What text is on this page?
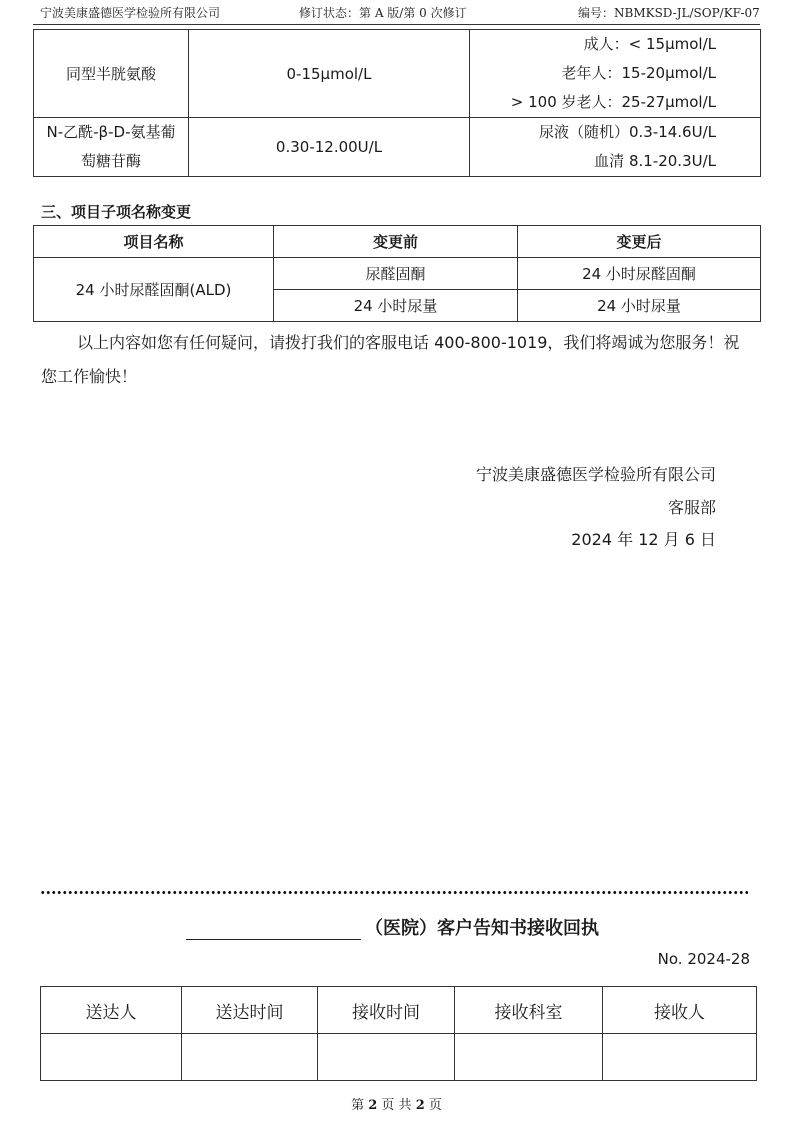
宁波美康盛德医学检验所有限公司	修订状态：第 A 版/第 0 次修订	编号：NBMKSD-JL/SOP/KF-07
同型半胱氨酸	0-15μmol/L	成人：< 15μmol/L
老年人：15-20μmol/L
> 100 岁老人：25-27μmol/L

N-乙酰-β-D-氨基葡
萄糖苷酶	0.30-12.00U/L	尿液（随机）0.3-14.6U/L
血清 8.1-20.3U/L
三、项目子项名称变更
项目名称	变更前	变更后
24 小时尿醛固酮(ALD)	尿醛固酮	24 小时尿醛固酮
	24 小时尿量	24 小时尿量
以上内容如您有任何疑问，请拨打我们的客服电话 400-800-1019，我们将竭诚为您服务！祝您工作愉快！
宁波美康盛德医学检验所有限公司
客服部
2024 年 12 月 6 日
（医院）客户告知书接收回执
No. 2024-28
送达人	送达时间	接收时间	接收科室	接收人

第 2 页 共 2 页
